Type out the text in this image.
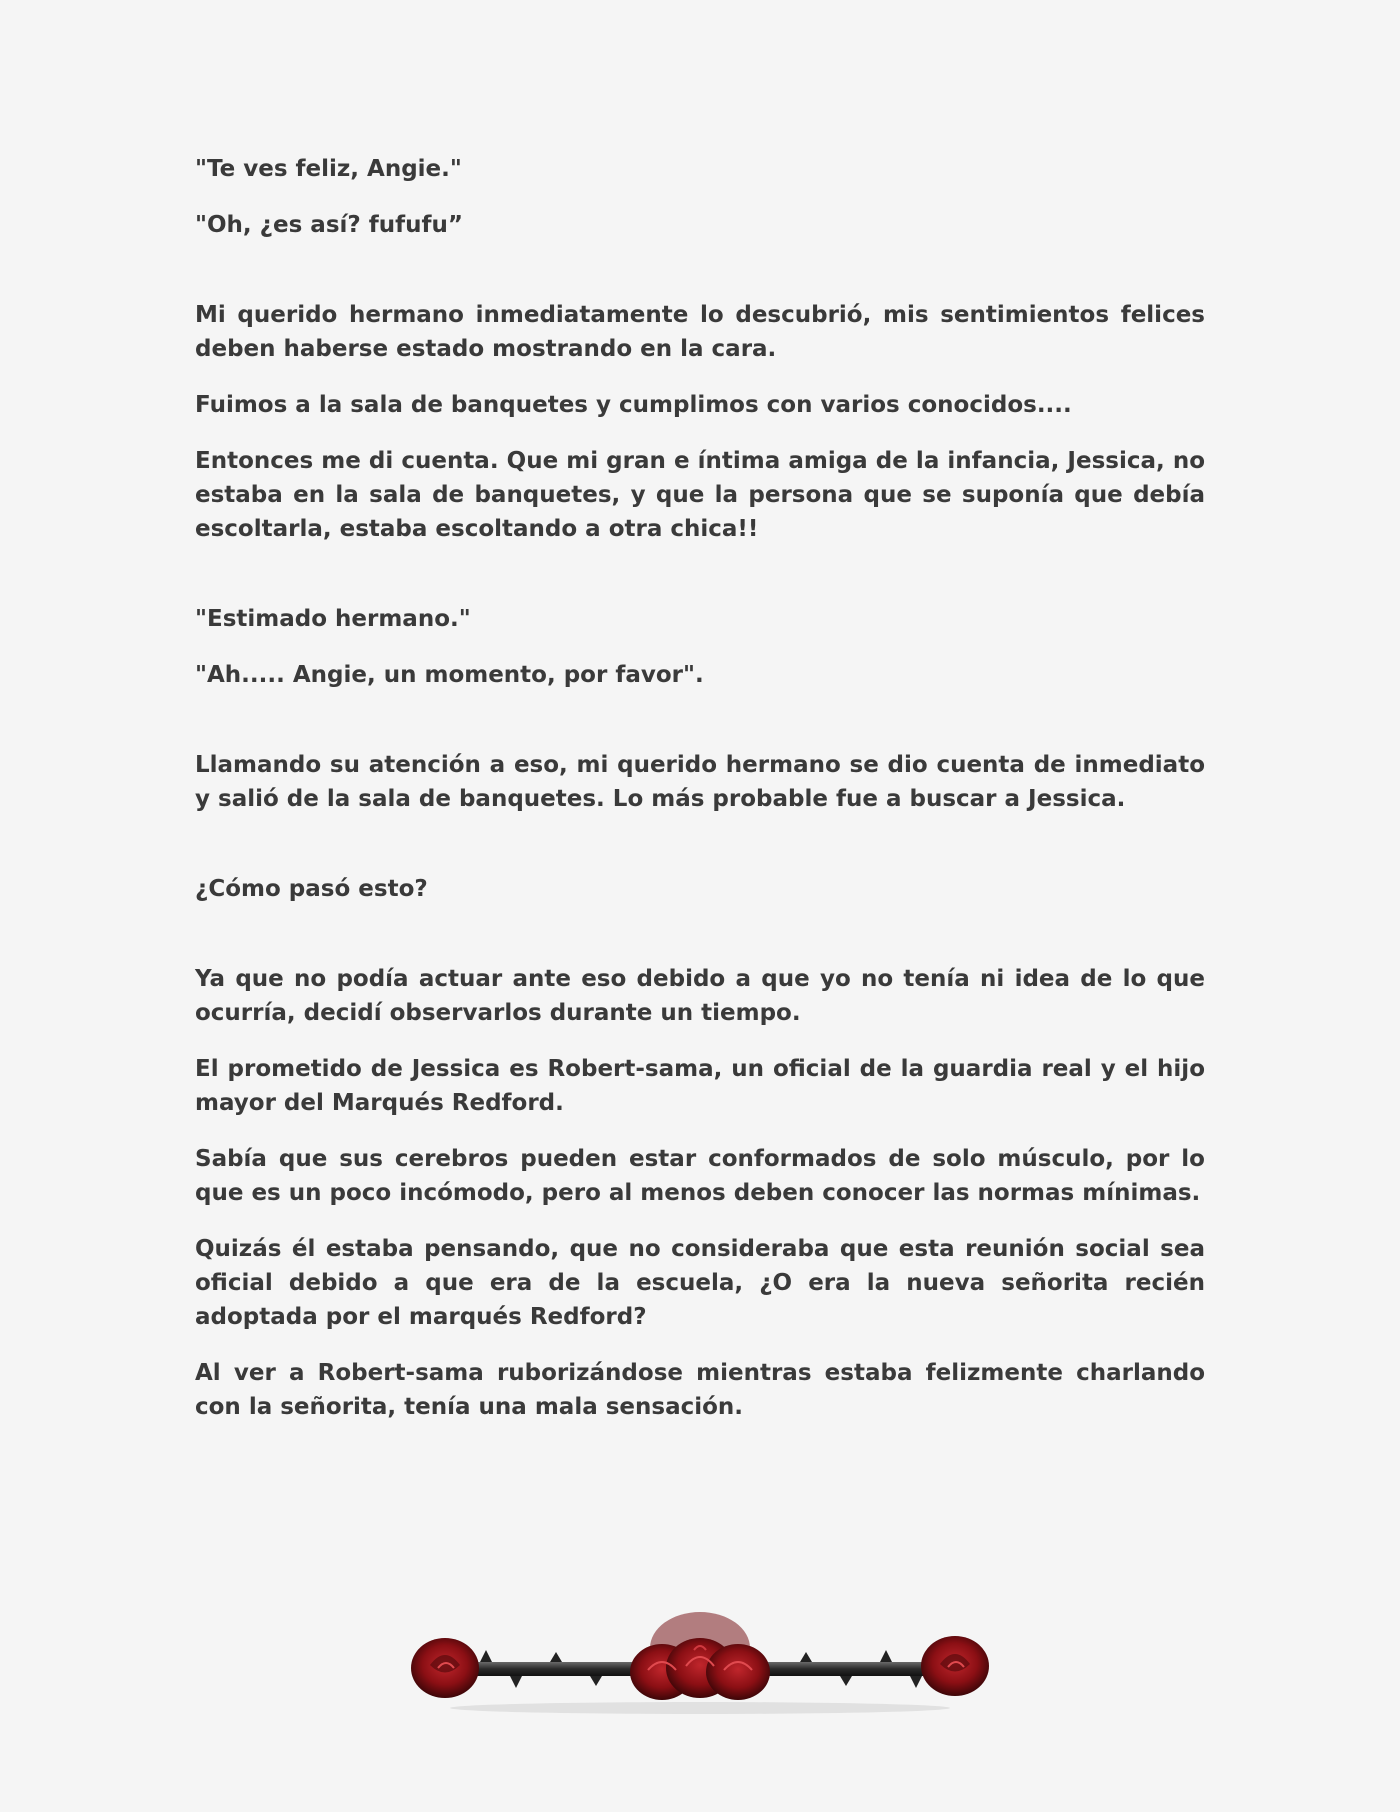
"Te ves feliz, Angie."

"Oh, ¿es así? fufufu”

Mi querido hermano inmediatamente lo descubrió, mis sentimientos felices deben haberse estado mostrando en la cara.

Fuimos a la sala de banquetes y cumplimos con varios conocidos....

Entonces me di cuenta. Que mi gran e íntima amiga de la infancia, Jessica, no estaba en la sala de banquetes, y que la persona que se suponía que debía escoltarla, estaba escoltando a otra chica!!

"Estimado hermano."

"Ah..... Angie, un momento, por favor".

Llamando su atención a eso, mi querido hermano se dio cuenta de inmediato y salió de la sala de banquetes. Lo más probable fue a buscar a Jessica.

¿Cómo pasó esto?

Ya que no podía actuar ante eso debido a que yo no tenía ni idea de lo que ocurría, decidí observarlos durante un tiempo.

El prometido de Jessica es Robert-sama, un oficial de la guardia real y el hijo mayor del Marqués Redford.

Sabía que sus cerebros pueden estar conformados de solo músculo, por lo que es un poco incómodo, pero al menos deben conocer las normas mínimas.

Quizás él estaba pensando, que no consideraba que esta reunión social sea oficial debido a que era de la escuela, ¿O era la nueva señorita recién adoptada por el marqués Redford?

Al ver a Robert-sama ruborizándose mientras estaba felizmente charlando con la señorita, tenía una mala sensación.
